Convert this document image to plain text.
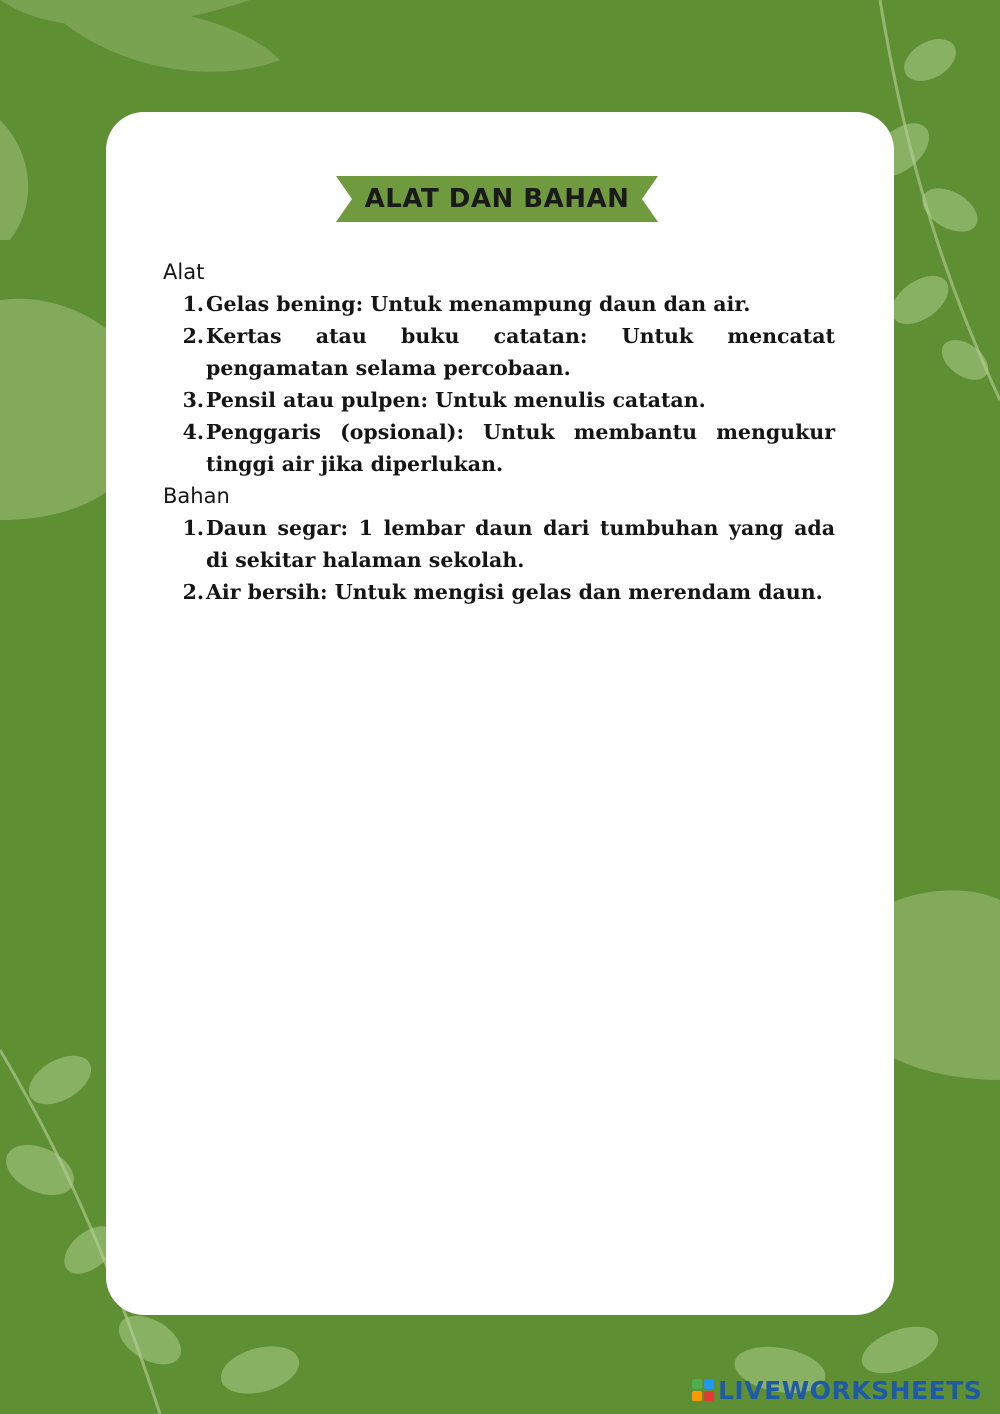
ALAT DAN BAHAN
Alat
1. Gelas bening: Untuk menampung daun dan air.
2. Kertas atau buku catatan: Untuk mencatat pengamatan selama percobaan.
3. Pensil atau pulpen: Untuk menulis catatan.
4. Penggaris (opsional): Untuk membantu mengukur tinggi air jika diperlukan.
Bahan
1. Daun segar: 1 lembar daun dari tumbuhan yang ada di sekitar halaman sekolah.
2. Air bersih: Untuk mengisi gelas dan merendam daun.
LIVEWORKSHEETS
